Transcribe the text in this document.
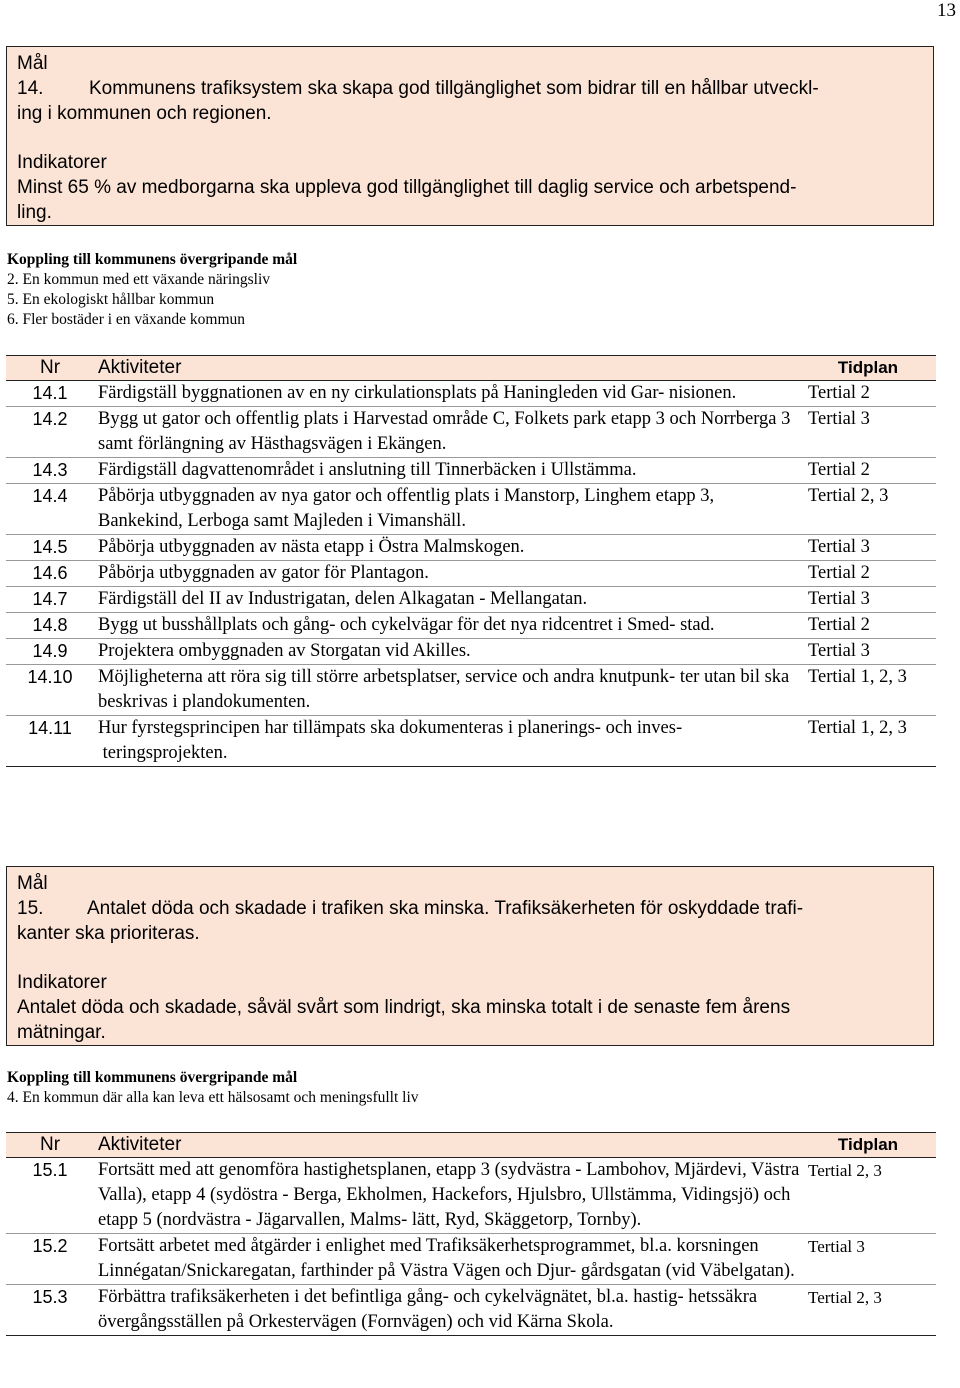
13
Mål
14. Kommunens trafiksystem ska skapa god tillgänglighet som bidrar till en hållbar utveckl-
ing i kommunen och regionen.
Indikatorer
Minst 65 % av medborgarna ska uppleva god tillgänglighet till daglig service och arbetspend-
ling.
Koppling till kommunens övergripande mål
2. En kommun med ett växande näringsliv
5. En ekologiskt hållbar kommun
6. Fler bostäder i en växande kommun
Nr	Aktiviteter	Tidplan
14.1	Färdigställ byggnationen av en ny cirkulationsplats på Haningleden vid Gar- nisionen.	Tertial 2
14.2	Bygg ut gator och offentlig plats i Harvestad område C, Folkets park etapp 3 och Norrberga 3 samt förlängning av Hästhagsvägen i Ekängen.	Tertial 3
14.3	Färdigställ dagvattenområdet i anslutning till Tinnerbäcken i Ullstämma.	Tertial 2
14.4	Påbörja utbyggnaden av nya gator och offentlig plats i Manstorp, Linghem etapp 3, Bankekind, Lerboga samt Majleden i Vimanshäll.	Tertial 2, 3
14.5	Påbörja utbyggnaden av nästa etapp i Östra Malmskogen.	Tertial 3
14.6	Påbörja utbyggnaden av gator för Plantagon.	Tertial 2
14.7	Färdigställ del II av Industrigatan, delen Alkagatan - Mellangatan.	Tertial 3
14.8	Bygg ut busshållplats och gång- och cykelvägar för det nya ridcentret i Smed- stad.	Tertial 2
14.9	Projektera ombyggnaden av Storgatan vid Akilles.	Tertial 3
14.10	Möjligheterna att röra sig till större arbetsplatser, service och andra knutpunk- ter utan bil ska beskrivas i plandokumenten.	Tertial 1, 2, 3
14.11	Hur fyrstegsprincipen har tillämpats ska dokumenteras i planerings- och inves- teringsprojekten.	Tertial 1, 2, 3
Mål
15. Antalet döda och skadade i trafiken ska minska. Trafiksäkerheten för oskyddade trafi-
kanter ska prioriteras.
Indikatorer
Antalet döda och skadade, såväl svårt som lindrigt, ska minska totalt i de senaste fem årens
mätningar.
Koppling till kommunens övergripande mål
4. En kommun där alla kan leva ett hälsosamt och meningsfullt liv
Nr	Aktiviteter	Tidplan
15.1	Fortsätt med att genomföra hastighetsplanen, etapp 3 (sydvästra - Lambohov, Mjärdevi, Västra Valla), etapp 4 (sydöstra - Berga, Ekholmen, Hackefors, Hjulsbro, Ullstämma, Vidingsjö) och etapp 5 (nordvästra - Jägarvallen, Malms- lätt, Ryd, Skäggetorp, Tornby).	Tertial 2, 3
15.2	Fortsätt arbetet med åtgärder i enlighet med Trafiksäkerhetsprogrammet, bl.a. korsningen Linnégatan/Snickaregatan, farthinder på Västra Vägen och Djur- gårdsgatan (vid Väbelgatan).	Tertial 3
15.3	Förbättra trafiksäkerheten i det befintliga gång- och cykelvägnätet, bl.a. hastig- hetssäkra övergångsställen på Orkestervägen (Fornvägen) och vid Kärna Skola.	Tertial 2, 3
